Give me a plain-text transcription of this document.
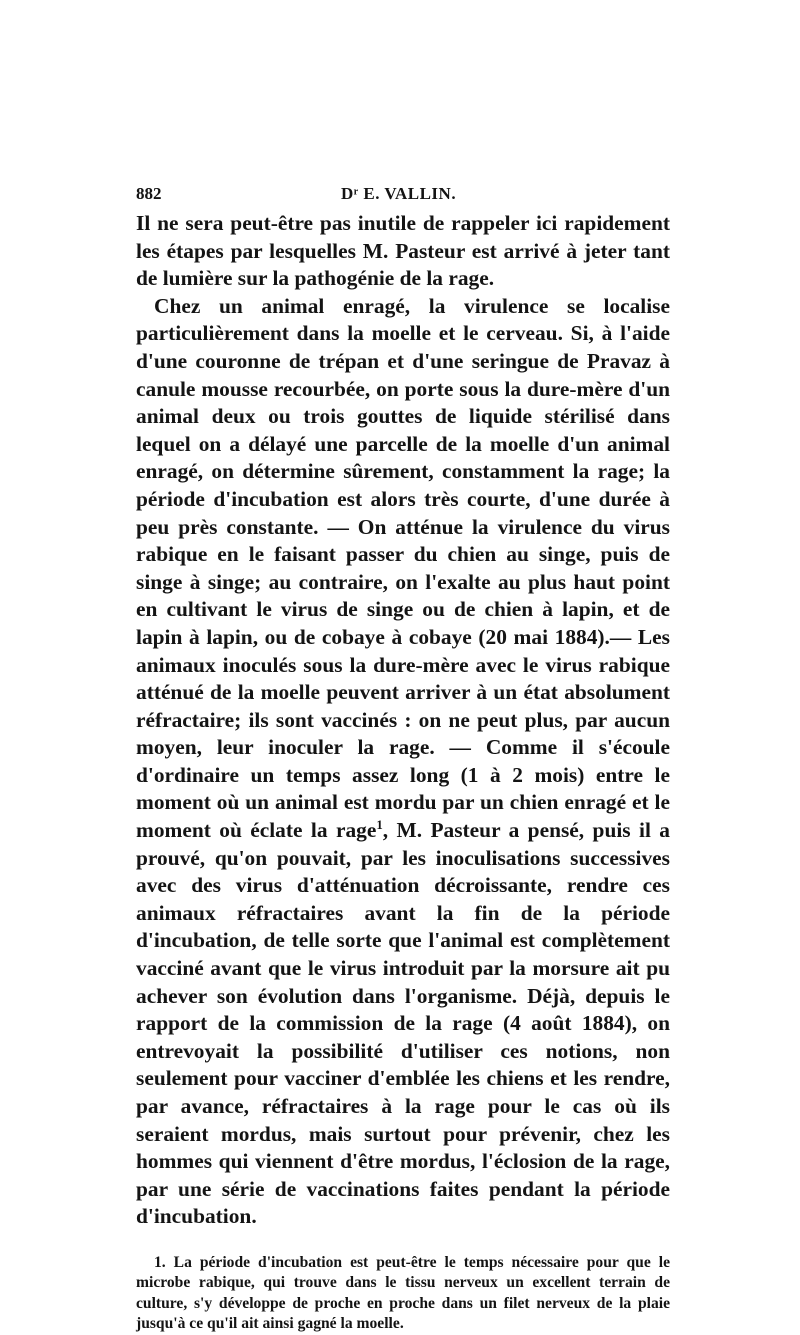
882	Dʳ E. VALLIN.

Il ne sera peut-être pas inutile de rappeler ici rapidement les étapes par lesquelles M. Pasteur est arrivé à jeter tant de lumière sur la pathogénie de la rage.

Chez un animal enragé, la virulence se localise particulièrement dans la moelle et le cerveau. Si, à l'aide d'une couronne de trépan et d'une seringue de Pravaz à canule mousse recourbée, on porte sous la dure-mère d'un animal deux ou trois gouttes de liquide stérilisé dans lequel on a délayé une parcelle de la moelle d'un animal enragé, on détermine sûrement, constamment la rage; la période d'incubation est alors très courte, d'une durée à peu près constante. — On atténue la virulence du virus rabique en le faisant passer du chien au singe, puis de singe à singe; au contraire, on l'exalte au plus haut point en cultivant le virus de singe ou de chien à lapin, et de lapin à lapin, ou de cobaye à cobaye (20 mai 1884).— Les animaux inoculés sous la dure-mère avec le virus rabique atténué de la moelle peuvent arriver à un état absolument réfractaire; ils sont vaccinés : on ne peut plus, par aucun moyen, leur inoculer la rage. — Comme il s'écoule d'ordinaire un temps assez long (1 à 2 mois) entre le moment où un animal est mordu par un chien enragé et le moment où éclate la rage$^1$, M. Pasteur a pensé, puis il a prouvé, qu'on pouvait, par les inoculisations successives avec des virus d'atténuation décroissante, rendre ces animaux réfractaires avant la fin de la période d'incubation, de telle sorte que l'animal est complètement vacciné avant que le virus introduit par la morsure ait pu achever son évolution dans l'organisme. Déjà, depuis le rapport de la commission de la rage (4 août 1884), on entrevoyait la possibilité d'utiliser ces notions, non seulement pour vacciner d'emblée les chiens et les rendre, par avance, réfractaires à la rage pour le cas où ils seraient mordus, mais surtout pour prévenir, chez les hommes qui viennent d'être mordus, l'éclosion de la rage, par une série de vaccinations faites pendant la période d'incubation.

1. La période d'incubation est peut-être le temps nécessaire pour que le microbe rabique, qui trouve dans le tissu nerveux un excellent terrain de culture, s'y développe de proche en proche dans un filet nerveux de la plaie jusqu'à ce qu'il ait ainsi gagné la moelle.
